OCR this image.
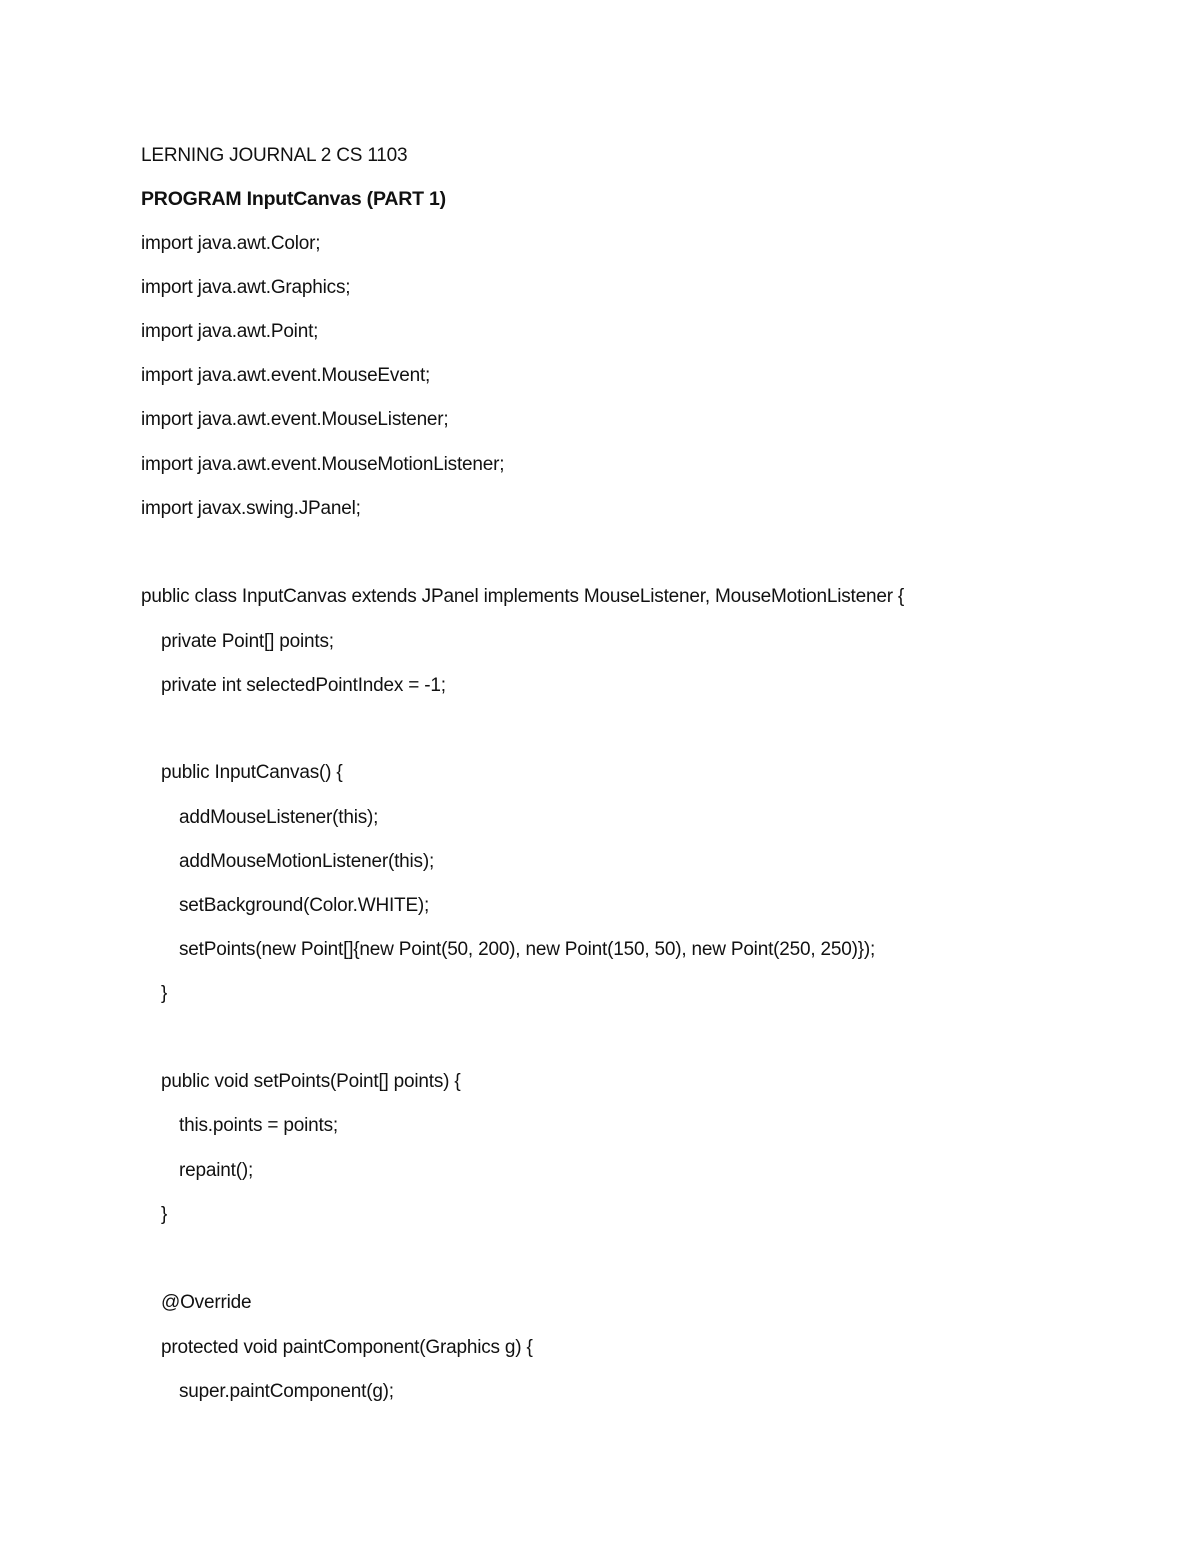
LERNING JOURNAL 2 CS 1103
PROGRAM InputCanvas (PART 1)
import java.awt.Color;
import java.awt.Graphics;
import java.awt.Point;
import java.awt.event.MouseEvent;
import java.awt.event.MouseListener;
import java.awt.event.MouseMotionListener;
import javax.swing.JPanel;
public class InputCanvas extends JPanel implements MouseListener, MouseMotionListener {
private Point[] points;
private int selectedPointIndex = -1;
public InputCanvas() {
addMouseListener(this);
addMouseMotionListener(this);
setBackground(Color.WHITE);
setPoints(new Point[]{new Point(50, 200), new Point(150, 50), new Point(250, 250)});
}
public void setPoints(Point[] points) {
this.points = points;
repaint();
}
@Override
protected void paintComponent(Graphics g) {
super.paintComponent(g);
